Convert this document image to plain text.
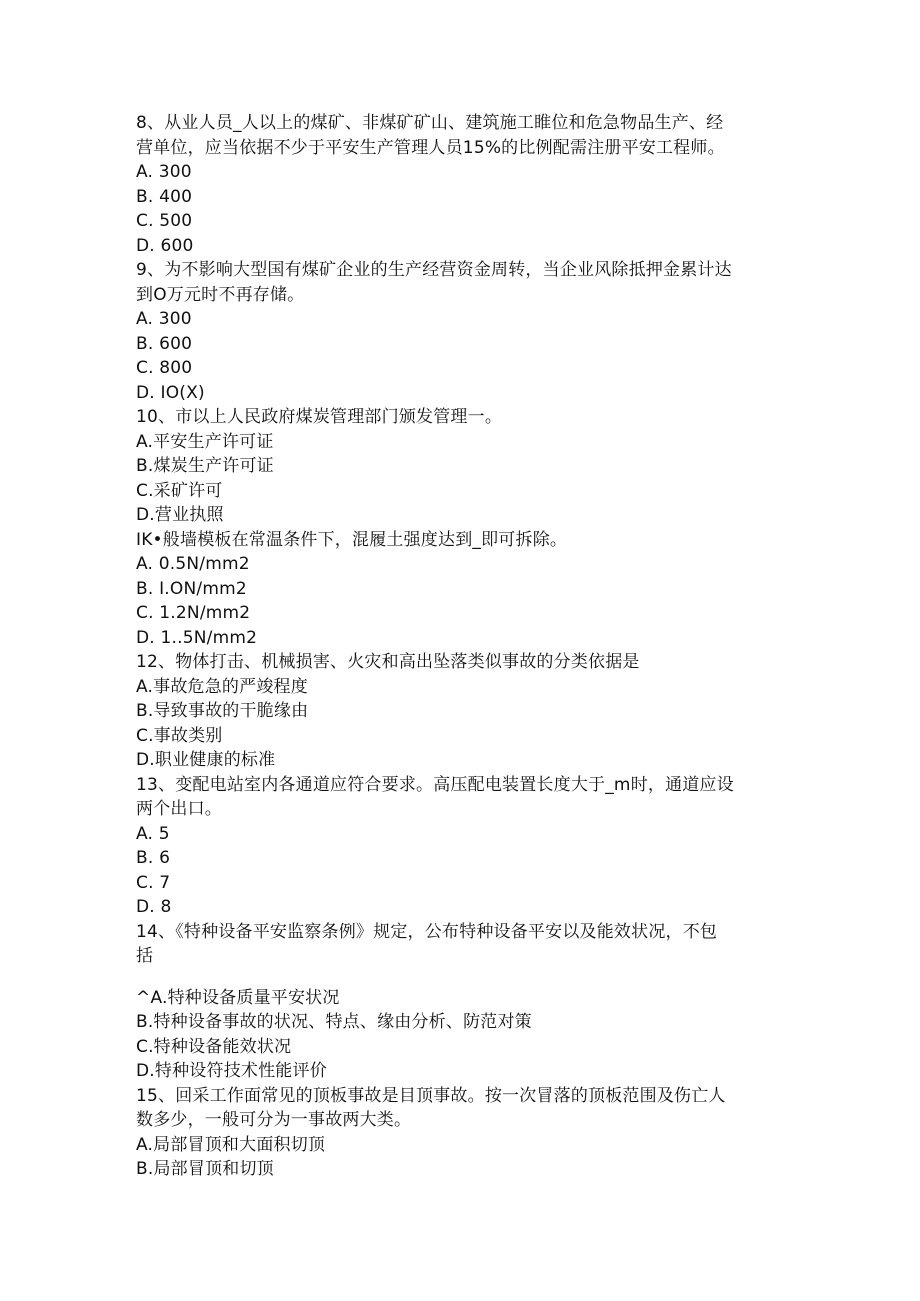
8、从业人员_人以上的煤矿、非煤矿矿山、建筑施工睢位和危急物品生产、经
营单位，应当依据不少于平安生产管理人员15%的比例配需注册平安工程师。
A. 300
B. 400
C. 500
D. 600
9、为不影响大型国有煤矿企业的生产经营资金周转，当企业风除抵押金累计达
到O万元时不再存储。
A. 300
B. 600
C. 800
D. IO(X)
10、市以上人民政府煤炭管理部门颁发管理一。
A.平安生产许可证
B.煤炭生产许可证
C.采矿许可
D.营业执照
IK•般墙模板在常温条件下，混履土强度达到_即可拆除。
A. 0.5N/mm2
B. I.ON/mm2
C. 1.2N/mm2
D. 1..5N/mm2
12、物体打击、机械损害、火灾和高出坠落类似事故的分类依据是
A.事故危急的严竣程度
B.导致事故的干脆缘由
C.事故类别
D.职业健康的标准
13、变配电站室内各通道应符合要求。高压配电装置长度大于_m时，通道应设
两个出口。
A. 5
B. 6
C. 7
D. 8
14、《特种设备平安监察条例》规定，公布特种设备平安以及能效状况，不包
括
^A.特种设备质量平安状况
B.特种设备事故的状况、特点、缘由分析、防范对策
C.特种设备能效状况
D.特种设符技术性能评价
15、回采工作面常见的顶板事故是目顶事故。按一次冒落的顶板范围及伤亡人
数多少，一般可分为一事故两大类。
A.局部冒顶和大面积切顶
B.局部冒顶和切顶
